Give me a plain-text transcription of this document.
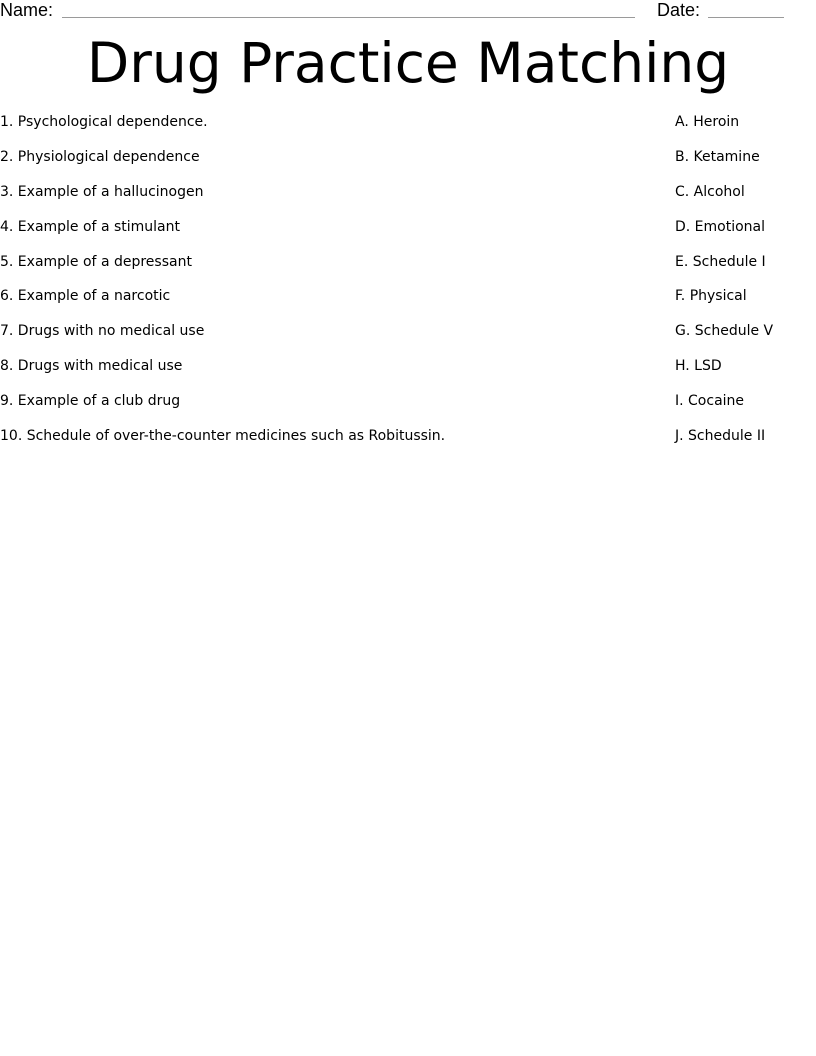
Name:	Date:
Drug Practice Matching
1. Psychological dependence.
2. Physiological dependence
3. Example of a hallucinogen
4. Example of a stimulant
5. Example of a depressant
6. Example of a narcotic
7. Drugs with no medical use
8. Drugs with medical use
9. Example of a club drug
10. Schedule of over-the-counter medicines such as Robitussin.
A. Heroin
B. Ketamine
C. Alcohol
D. Emotional
E. Schedule I
F. Physical
G. Schedule V
H. LSD
I. Cocaine
J. Schedule II
